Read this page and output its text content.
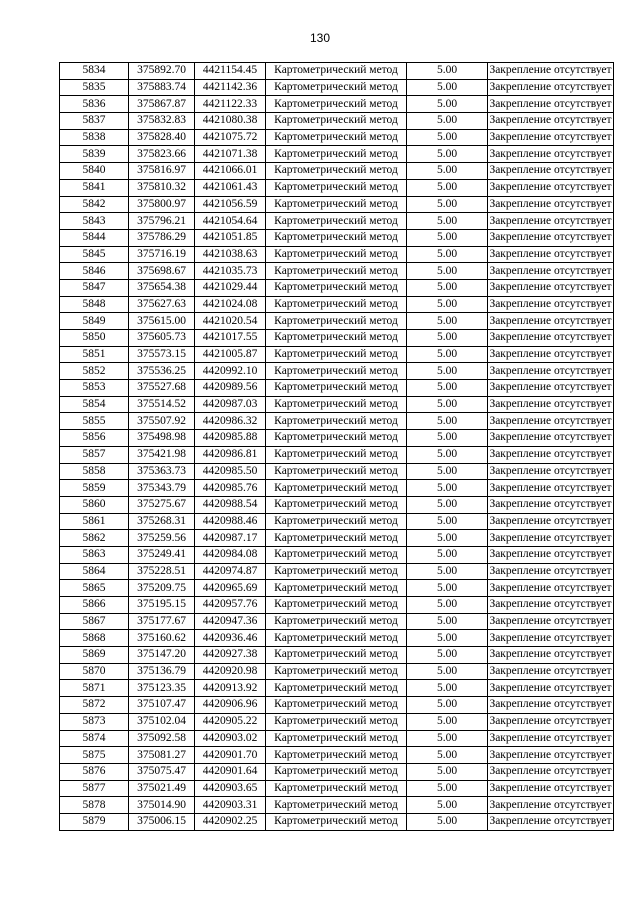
130
5834	375892.70	4421154.45	Картометрический метод	5.00	Закрепление отсутствует
5835	375883.74	4421142.36	Картометрический метод	5.00	Закрепление отсутствует
5836	375867.87	4421122.33	Картометрический метод	5.00	Закрепление отсутствует
5837	375832.83	4421080.38	Картометрический метод	5.00	Закрепление отсутствует
5838	375828.40	4421075.72	Картометрический метод	5.00	Закрепление отсутствует
5839	375823.66	4421071.38	Картометрический метод	5.00	Закрепление отсутствует
5840	375816.97	4421066.01	Картометрический метод	5.00	Закрепление отсутствует
5841	375810.32	4421061.43	Картометрический метод	5.00	Закрепление отсутствует
5842	375800.97	4421056.59	Картометрический метод	5.00	Закрепление отсутствует
5843	375796.21	4421054.64	Картометрический метод	5.00	Закрепление отсутствует
5844	375786.29	4421051.85	Картометрический метод	5.00	Закрепление отсутствует
5845	375716.19	4421038.63	Картометрический метод	5.00	Закрепление отсутствует
5846	375698.67	4421035.73	Картометрический метод	5.00	Закрепление отсутствует
5847	375654.38	4421029.44	Картометрический метод	5.00	Закрепление отсутствует
5848	375627.63	4421024.08	Картометрический метод	5.00	Закрепление отсутствует
5849	375615.00	4421020.54	Картометрический метод	5.00	Закрепление отсутствует
5850	375605.73	4421017.55	Картометрический метод	5.00	Закрепление отсутствует
5851	375573.15	4421005.87	Картометрический метод	5.00	Закрепление отсутствует
5852	375536.25	4420992.10	Картометрический метод	5.00	Закрепление отсутствует
5853	375527.68	4420989.56	Картометрический метод	5.00	Закрепление отсутствует
5854	375514.52	4420987.03	Картометрический метод	5.00	Закрепление отсутствует
5855	375507.92	4420986.32	Картометрический метод	5.00	Закрепление отсутствует
5856	375498.98	4420985.88	Картометрический метод	5.00	Закрепление отсутствует
5857	375421.98	4420986.81	Картометрический метод	5.00	Закрепление отсутствует
5858	375363.73	4420985.50	Картометрический метод	5.00	Закрепление отсутствует
5859	375343.79	4420985.76	Картометрический метод	5.00	Закрепление отсутствует
5860	375275.67	4420988.54	Картометрический метод	5.00	Закрепление отсутствует
5861	375268.31	4420988.46	Картометрический метод	5.00	Закрепление отсутствует
5862	375259.56	4420987.17	Картометрический метод	5.00	Закрепление отсутствует
5863	375249.41	4420984.08	Картометрический метод	5.00	Закрепление отсутствует
5864	375228.51	4420974.87	Картометрический метод	5.00	Закрепление отсутствует
5865	375209.75	4420965.69	Картометрический метод	5.00	Закрепление отсутствует
5866	375195.15	4420957.76	Картометрический метод	5.00	Закрепление отсутствует
5867	375177.67	4420947.36	Картометрический метод	5.00	Закрепление отсутствует
5868	375160.62	4420936.46	Картометрический метод	5.00	Закрепление отсутствует
5869	375147.20	4420927.38	Картометрический метод	5.00	Закрепление отсутствует
5870	375136.79	4420920.98	Картометрический метод	5.00	Закрепление отсутствует
5871	375123.35	4420913.92	Картометрический метод	5.00	Закрепление отсутствует
5872	375107.47	4420906.96	Картометрический метод	5.00	Закрепление отсутствует
5873	375102.04	4420905.22	Картометрический метод	5.00	Закрепление отсутствует
5874	375092.58	4420903.02	Картометрический метод	5.00	Закрепление отсутствует
5875	375081.27	4420901.70	Картометрический метод	5.00	Закрепление отсутствует
5876	375075.47	4420901.64	Картометрический метод	5.00	Закрепление отсутствует
5877	375021.49	4420903.65	Картометрический метод	5.00	Закрепление отсутствует
5878	375014.90	4420903.31	Картометрический метод	5.00	Закрепление отсутствует
5879	375006.15	4420902.25	Картометрический метод	5.00	Закрепление отсутствует
